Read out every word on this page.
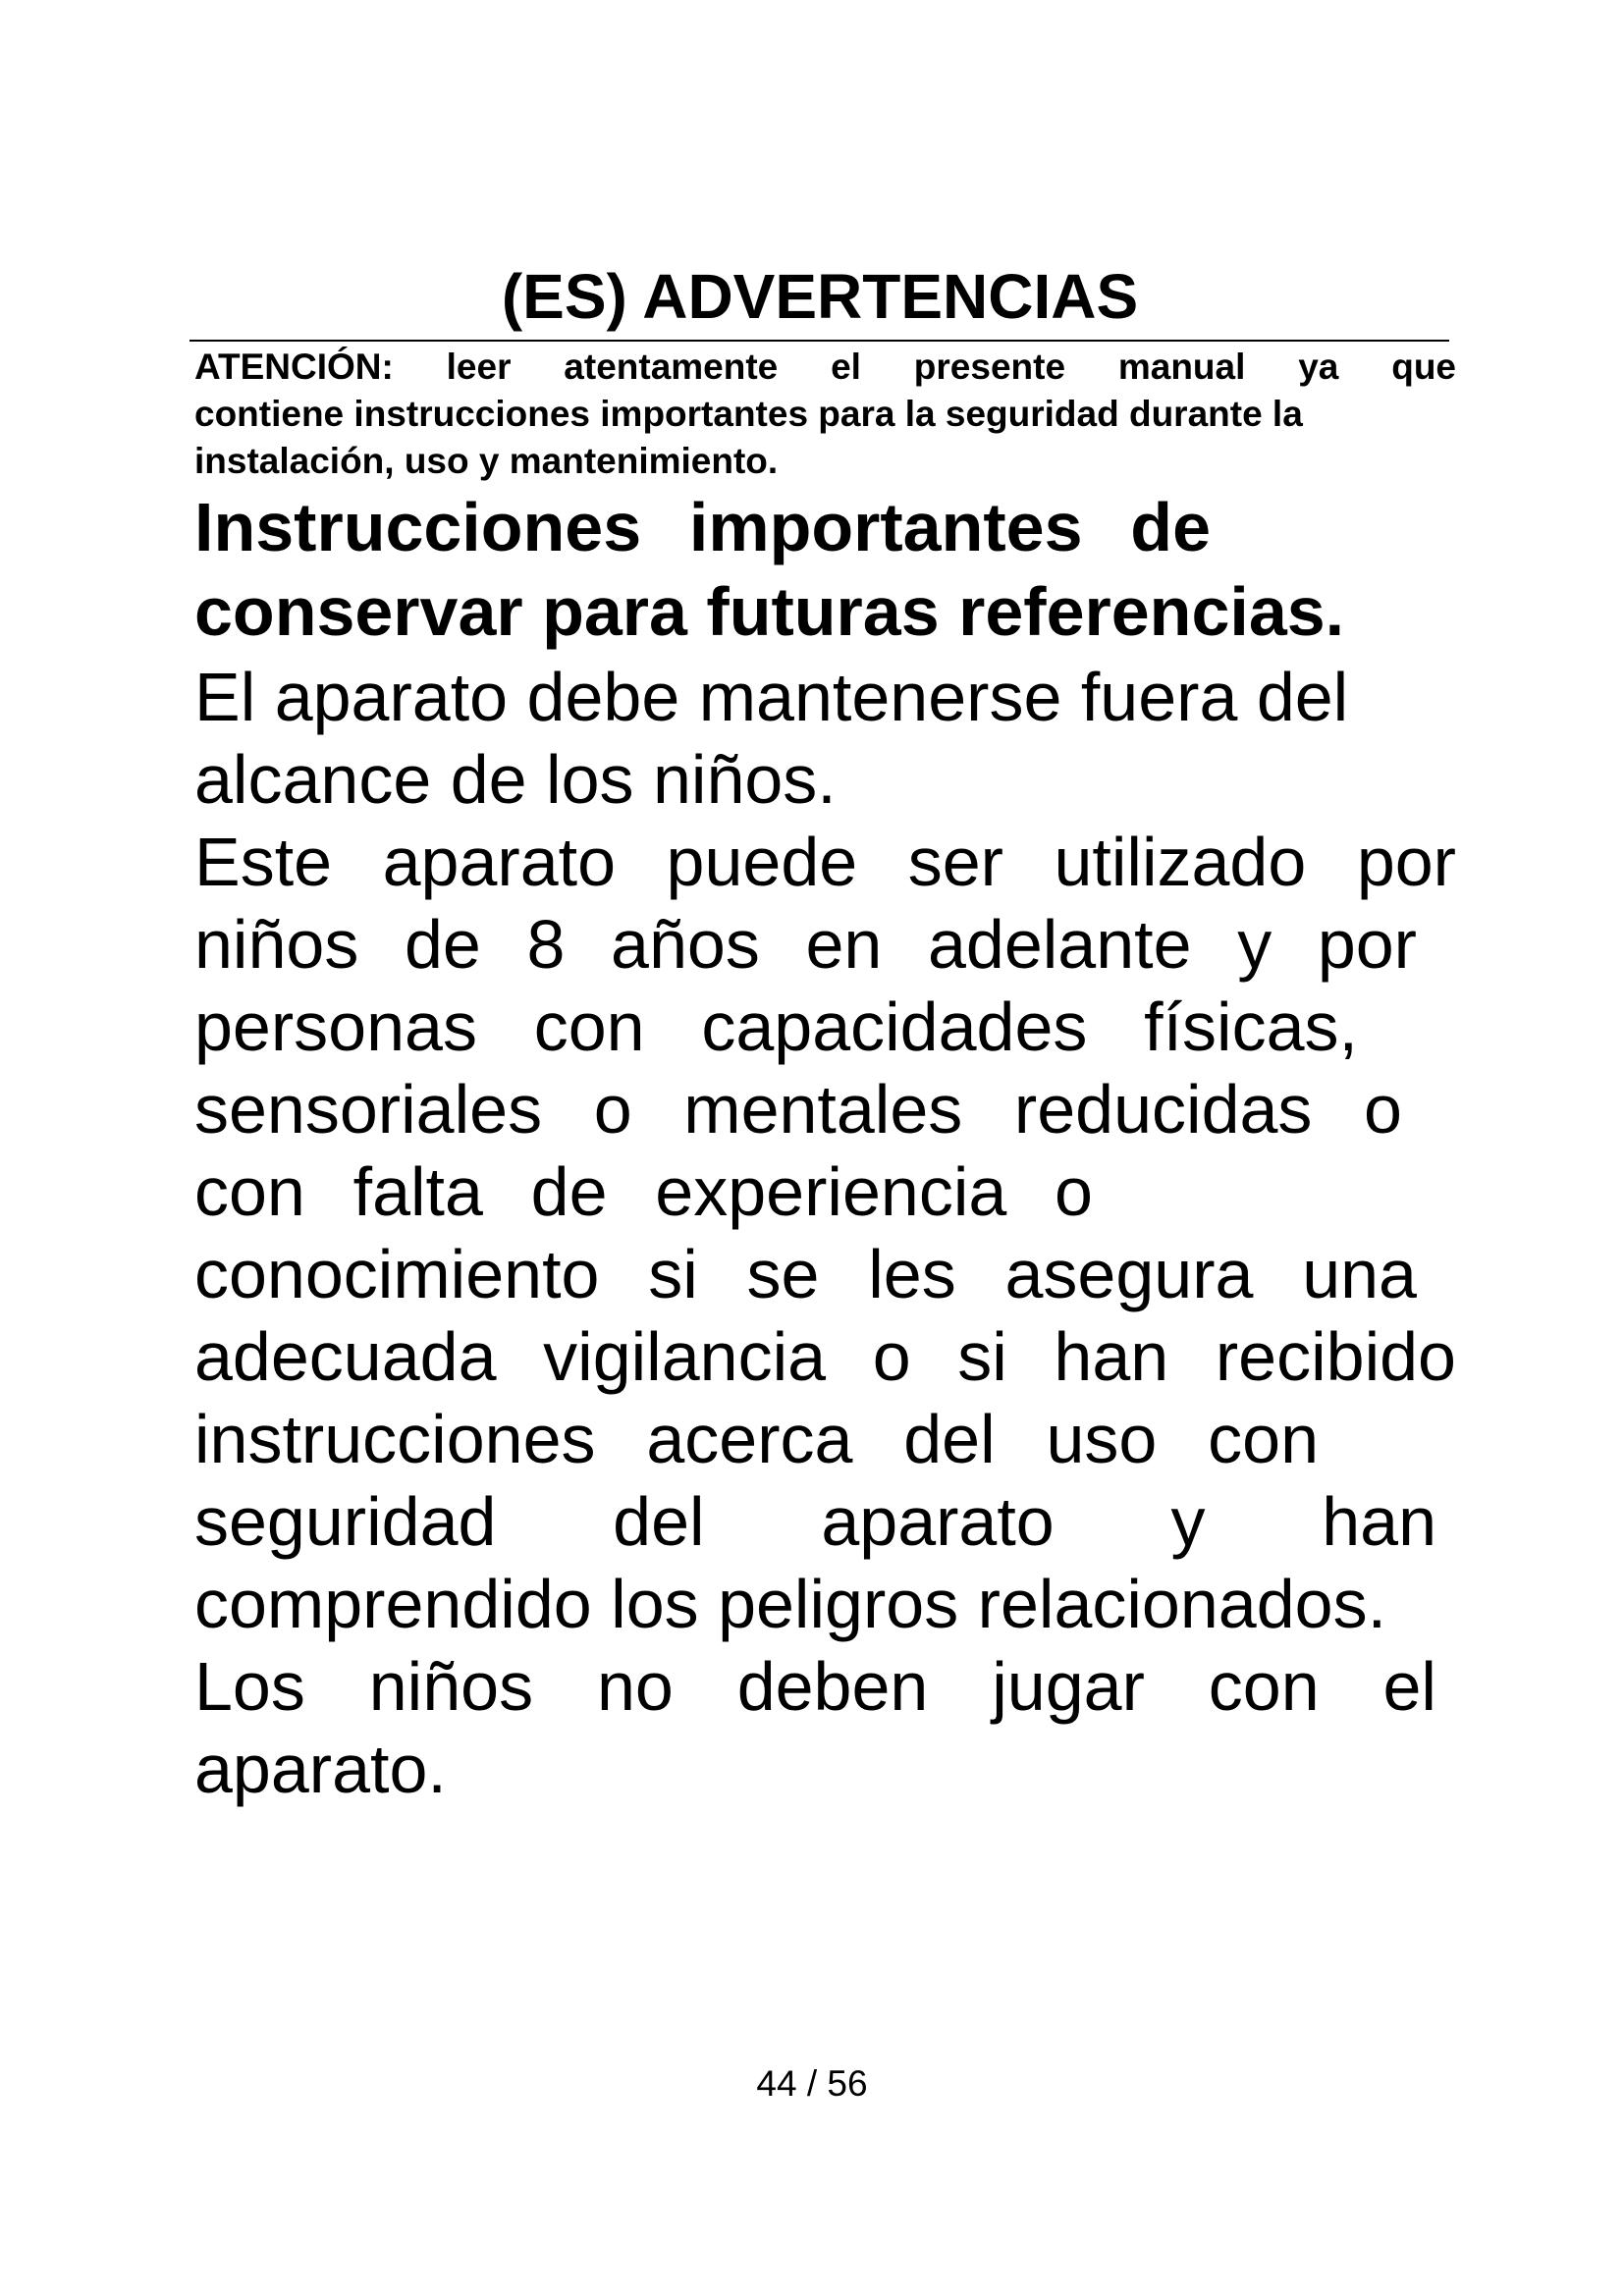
(ES) ADVERTENCIAS

ATENCIÓN: leer atentamente el presente manual ya que
contiene instrucciones importantes para la seguridad durante la
instalación, uso y mantenimiento.

Instrucciones importantes de
conservar para futuras referencias.

El aparato debe mantenerse fuera del
alcance de los niños.

Este aparato puede ser utilizado por
niños de 8 años en adelante y por
personas con capacidades físicas,
sensoriales o mentales reducidas o
con falta de experiencia o
conocimiento si se les asegura una
adecuada vigilancia o si han recibido
instrucciones acerca del uso con
seguridad del aparato y han
comprendido los peligros relacionados.
Los niños no deben jugar con el
aparato.

44 / 56
